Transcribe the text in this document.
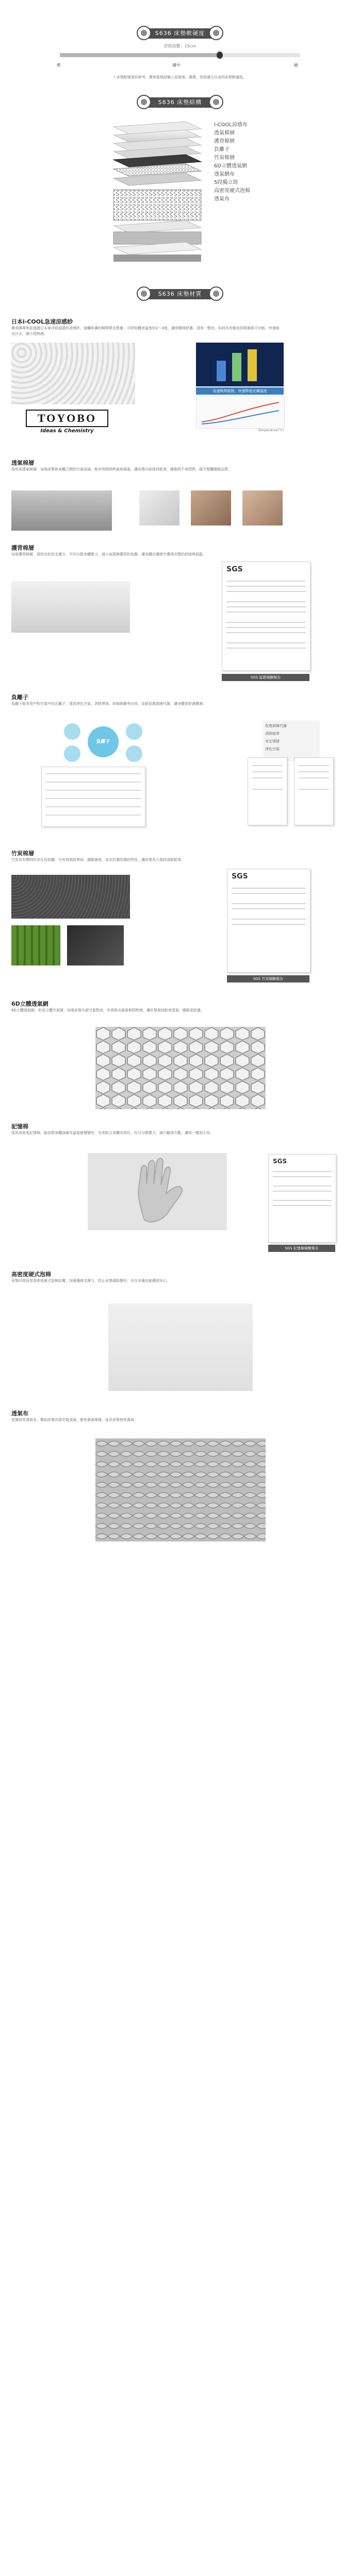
S636 床墊軟硬度
舒眠指數：15cm
軟	適中	硬
* 床墊軟硬度的參考，應與當地試躺人員諮詢、選擇，找到適合自身的床墊軟硬度。
S636 床墊結構
I-COOL涼感布
透氣棉層
護背棉層
負離子
竹炭棉層
6D立體透氣網
透氣網布
5段獨立筒
高密度硬式泡棉
透氣布
S636 床墊材質
日本i-COOL急速涼感紗
獲美國專利並通過日本東洋紡認證的涼感紗，接觸肌膚的瞬間帶走熱量，可降低體表溫度約2～3度，讓您睡得舒適、清爽一整夜。布料具有極佳的吸濕排汗功能，快速排出汗水，減少悶熱感。
TOYOBO
Ideas & Chemistry
急速吸熱散熱，快速降低皮膚溫度
Temperature(°C)
透氣棉層
採用高透氣棉層，加強床墊與身體之間的空氣流通。能有效排除熱氣與濕氣，讓床墊內部保持乾爽，睡眠時不易悶熱，提升整體睡眠品質。
護背棉層
加厚護背棉層，提供良好的支撐力，平均分散身體壓力，減少肩頸與腰背的負擔，讓身體在睡眠中獲得完整的舒緩與放鬆。
SGS
SGS 認證檢驗報告
負離子
負離子能有效中和空氣中的正離子，達到淨化空氣、消除異味、抑制細菌等功效，並能促進新陳代謝，讓身體更舒適健康。
負離子
促進新陳代謝
消除疲勞
安定情緒
淨化空氣
竹炭棉層
竹炭具有獨特的多孔性結構，可有效吸附異味、調節濕度，並具抗菌防霉的特性，讓床墊長久保持清新乾爽。
SGS
SGS 竹炭檢驗報告
6D立體透氣網
6D立體透氣網，形成立體空氣層，加強床墊內部空氣對流，有效排出濕氣與悶熱感，讓床墊保持乾爽透氣，睡眠更舒適。
記憶棉
採用高密度記憶棉，能依照身體曲線及溫度緩慢變形，完美貼合身體各部位，均勻分散壓力，減少翻身次數，讓您一覺到天亮。
SGS
SGS 記憶棉檢驗報告
高密度硬式泡棉
床墊四周採用高密度硬式泡棉包覆，加強邊緣支撐力，防止床墊塌陷變形，坐在床邊也能穩固安心。
透氣布
底層採用透氣布，幫助床墊內部空氣流通，避免濕氣堆積，延長床墊使用壽命。
